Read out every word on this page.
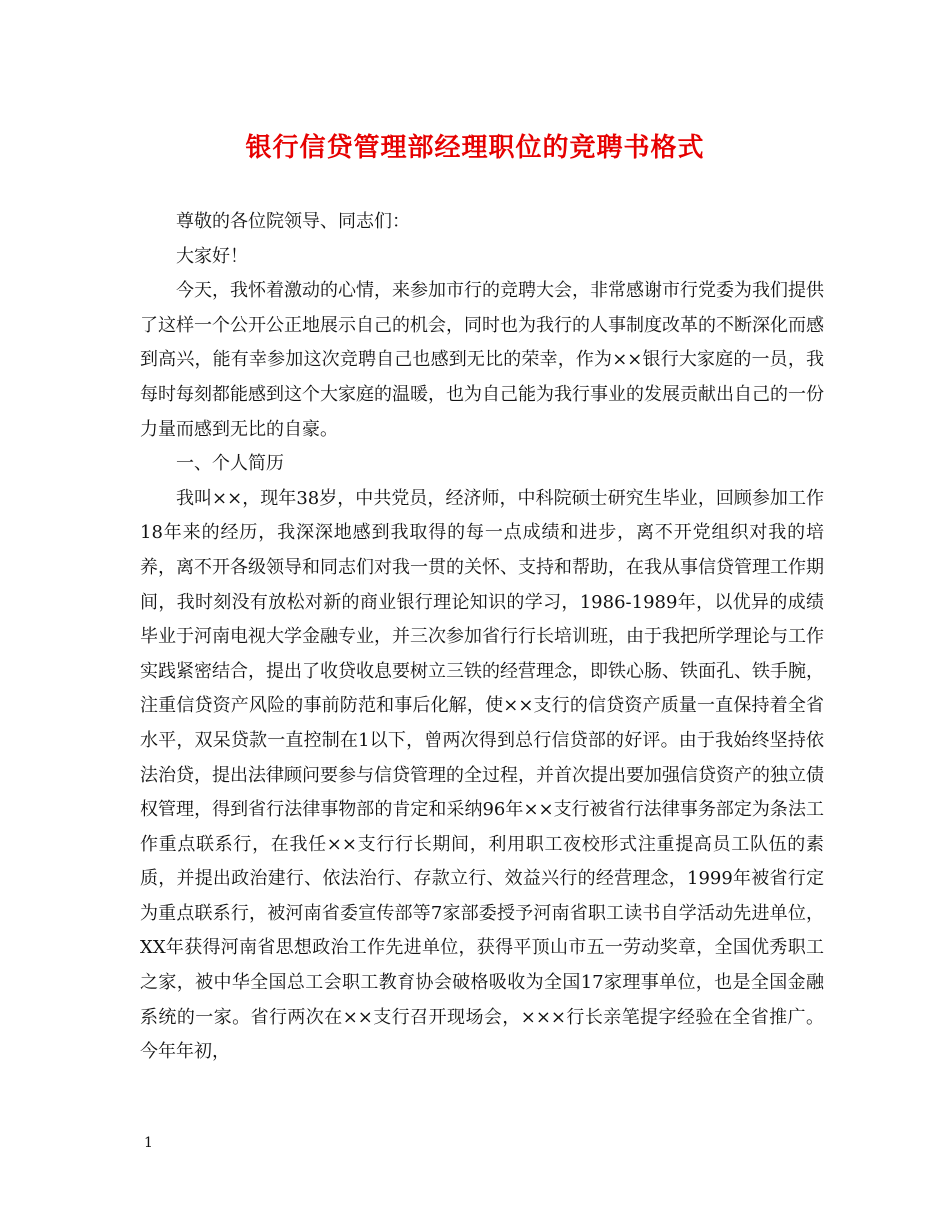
银行信贷管理部经理职位的竞聘书格式

尊敬的各位院领导、同志们：

大家好！

今天，我怀着激动的心情，来参加市行的竞聘大会，非常感谢市行党委为我们提供了这样一个公开公正地展示自己的机会，同时也为我行的人事制度改革的不断深化而感到高兴，能有幸参加这次竞聘自己也感到无比的荣幸，作为××银行大家庭的一员，我每时每刻都能感到这个大家庭的温暖，也为自己能为我行事业的发展贡献出自己的一份力量而感到无比的自豪。

一、个人简历

我叫××，现年38岁，中共党员，经济师，中科院硕士研究生毕业，回顾参加工作18年来的经历，我深深地感到我取得的每一点成绩和进步，离不开党组织对我的培养，离不开各级领导和同志们对我一贯的关怀、支持和帮助，在我从事信贷管理工作期间，我时刻没有放松对新的商业银行理论知识的学习，1986-1989年，以优异的成绩毕业于河南电视大学金融专业，并三次参加省行行长培训班，由于我把所学理论与工作实践紧密结合，提出了收贷收息要树立三铁的经营理念，即铁心肠、铁面孔、铁手腕，注重信贷资产风险的事前防范和事后化解，使××支行的信贷资产质量一直保持着全省水平，双呆贷款一直控制在1以下，曾两次得到总行信贷部的好评。由于我始终坚持依法治贷，提出法律顾问要参与信贷管理的全过程，并首次提出要加强信贷资产的独立债权管理，得到省行法律事物部的肯定和采纳96年××支行被省行法律事务部定为条法工作重点联系行，在我任××支行行长期间，利用职工夜校形式注重提高员工队伍的素质，并提出政治建行、依法治行、存款立行、效益兴行的经营理念，1999年被省行定为重点联系行，被河南省委宣传部等7家部委授予河南省职工读书自学活动先进单位，XX年获得河南省思想政治工作先进单位，获得平顶山市五一劳动奖章，全国优秀职工之家，被中华全国总工会职工教育协会破格吸收为全国17家理事单位，也是全国金融系统的一家。省行两次在××支行召开现场会，×××行长亲笔提字经验在全省推广。今年年初，

1
